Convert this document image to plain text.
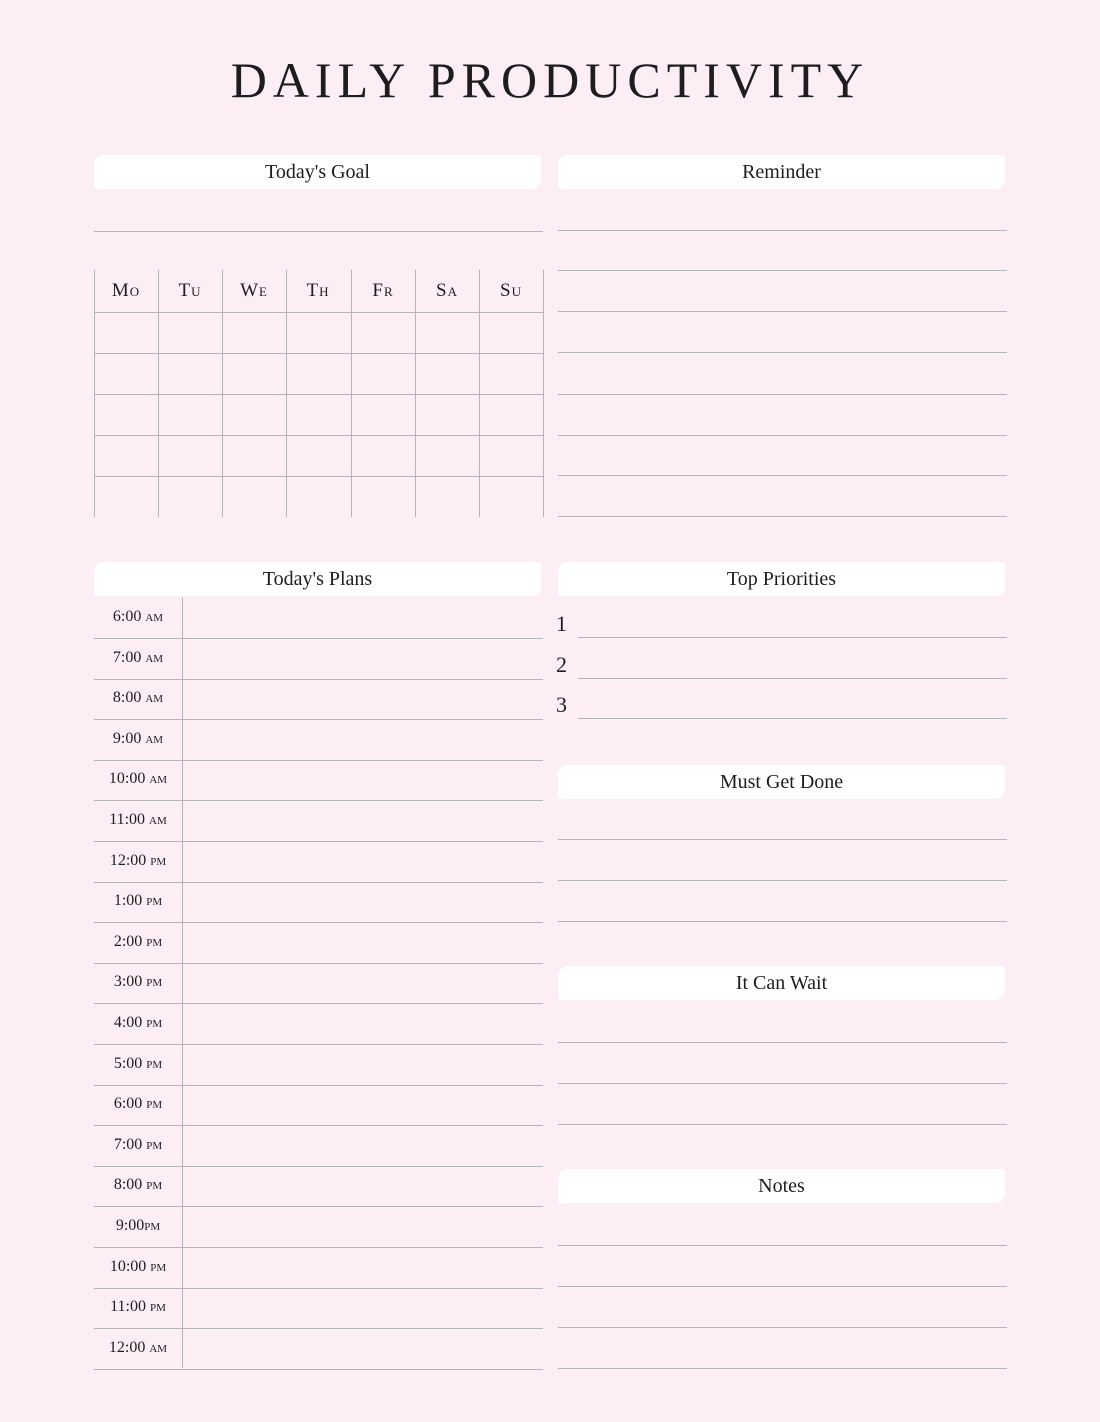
DAILY PRODUCTIVITY
Today's Goal	Reminder
Mo	Tu	We	Th	Fr	Sa	Su
Today's Plans
6:00 am
7:00 am
8:00 am
9:00 am
10:00 am
11:00 am
12:00 pm
1:00 pm
2:00 pm
3:00 pm
4:00 pm
5:00 pm
6:00 pm
7:00 pm
8:00 pm
9:00pm
10:00 pm
11:00 pm
12:00 am
Top Priorities
1
2
3
Must Get Done
It Can Wait
Notes
